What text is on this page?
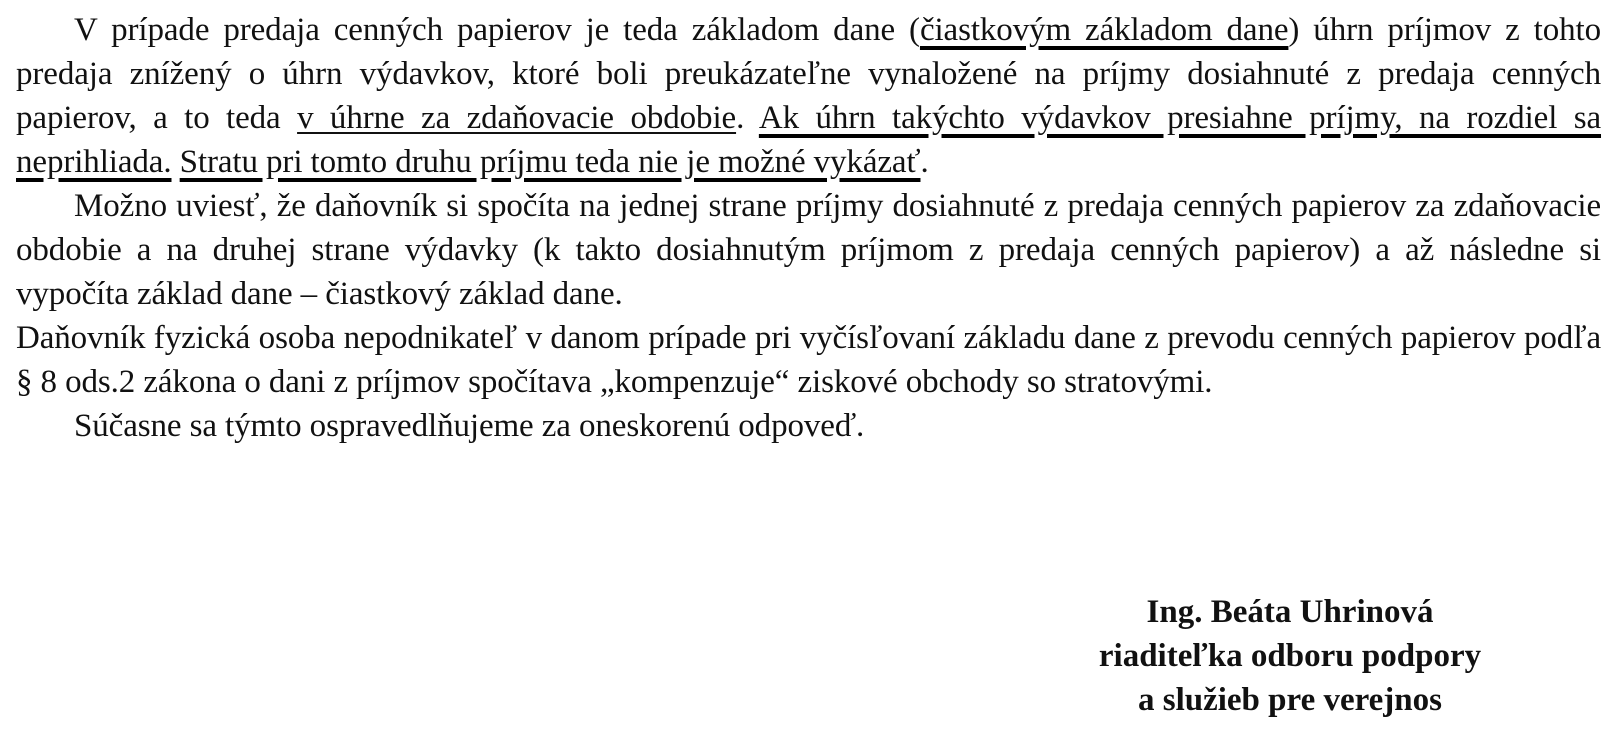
V prípade predaja cenných papierov je teda základom dane (čiastkovým základom dane) úhrn príjmov z tohto predaja znížený o úhrn výdavkov, ktoré boli preukázateľne vynaložené na príjmy dosiahnuté z predaja cenných papierov, a to teda v úhrne za zdaňovacie obdobie. Ak úhrn takýchto výdavkov presiahne príjmy, na rozdiel sa neprihliada. Stratu pri tomto druhu príjmu teda nie je možné vykázať.

Možno uviesť, že daňovník si spočíta na jednej strane príjmy dosiahnuté z predaja cenných papierov za zdaňovacie obdobie a na druhej strane výdavky (k takto dosiahnutým príjmom z predaja cenných papierov) a až následne si vypočíta základ dane – čiastkový základ dane.

Daňovník fyzická osoba nepodnikateľ v danom prípade pri vyčísľovaní základu dane z prevodu cenných papierov podľa § 8 ods.2 zákona o dani z príjmov spočítava „kompenzuje“ ziskové obchody so stratovými.

Súčasne sa týmto ospravedlňujeme za oneskorenú odpoveď.

Ing. Beáta Uhrinová
riaditeľka odboru podpory
a služieb pre verejnos
